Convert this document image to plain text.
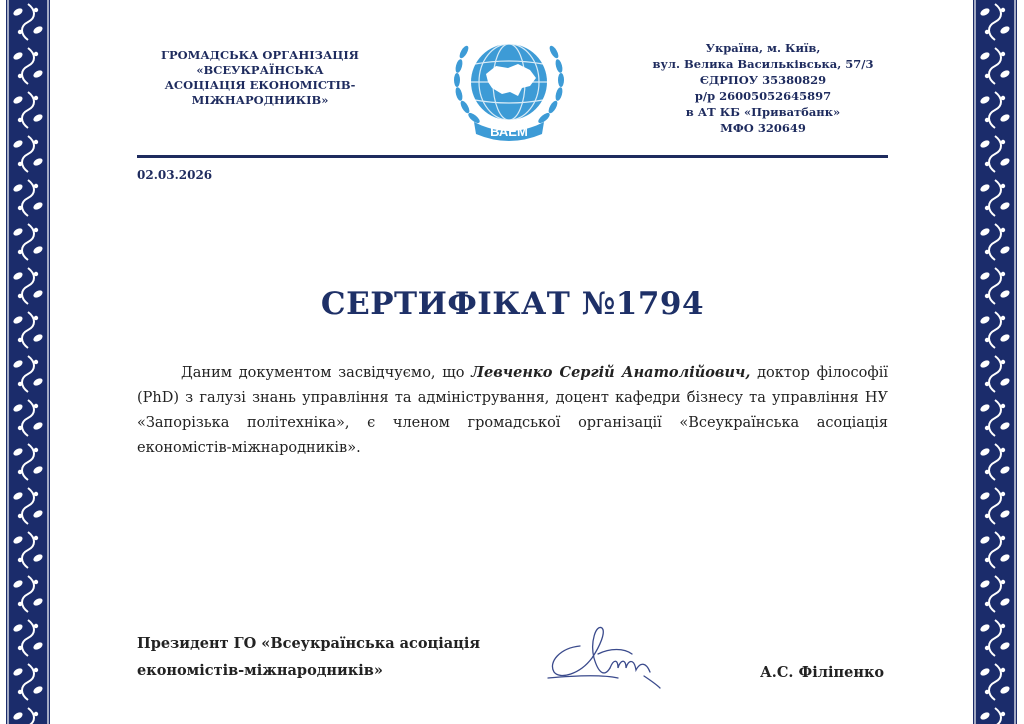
ГРОМАДСЬКА ОРГАНІЗАЦІЯ
«ВСЕУКРАЇНСЬКА
АСОЦІАЦІЯ ЕКОНОМІСТІВ-
МІЖНАРОДНИКІВ»
ВАЕМ
Україна, м. Київ,
вул. Велика Васильківська, 57/3
ЄДРПОУ 35380829
р/р 26005052645897
в АТ КБ «Приватбанк»
МФО 320649
02.03.2026
СЕРТИФІКАТ №1794
Даним документом засвідчуємо, що Левченко Сергій Анатолійович, доктор філософії (PhD) з галузі знань управління та адміністрування, доцент кафедри бізнесу та управління НУ «Запорізька політехніка», є членом громадської організації «Всеукраїнська асоціація економістів-міжнародників».
Президент ГО «Всеукраїнська асоціація
економістів-міжнародників»	А.С. Філіпенко
